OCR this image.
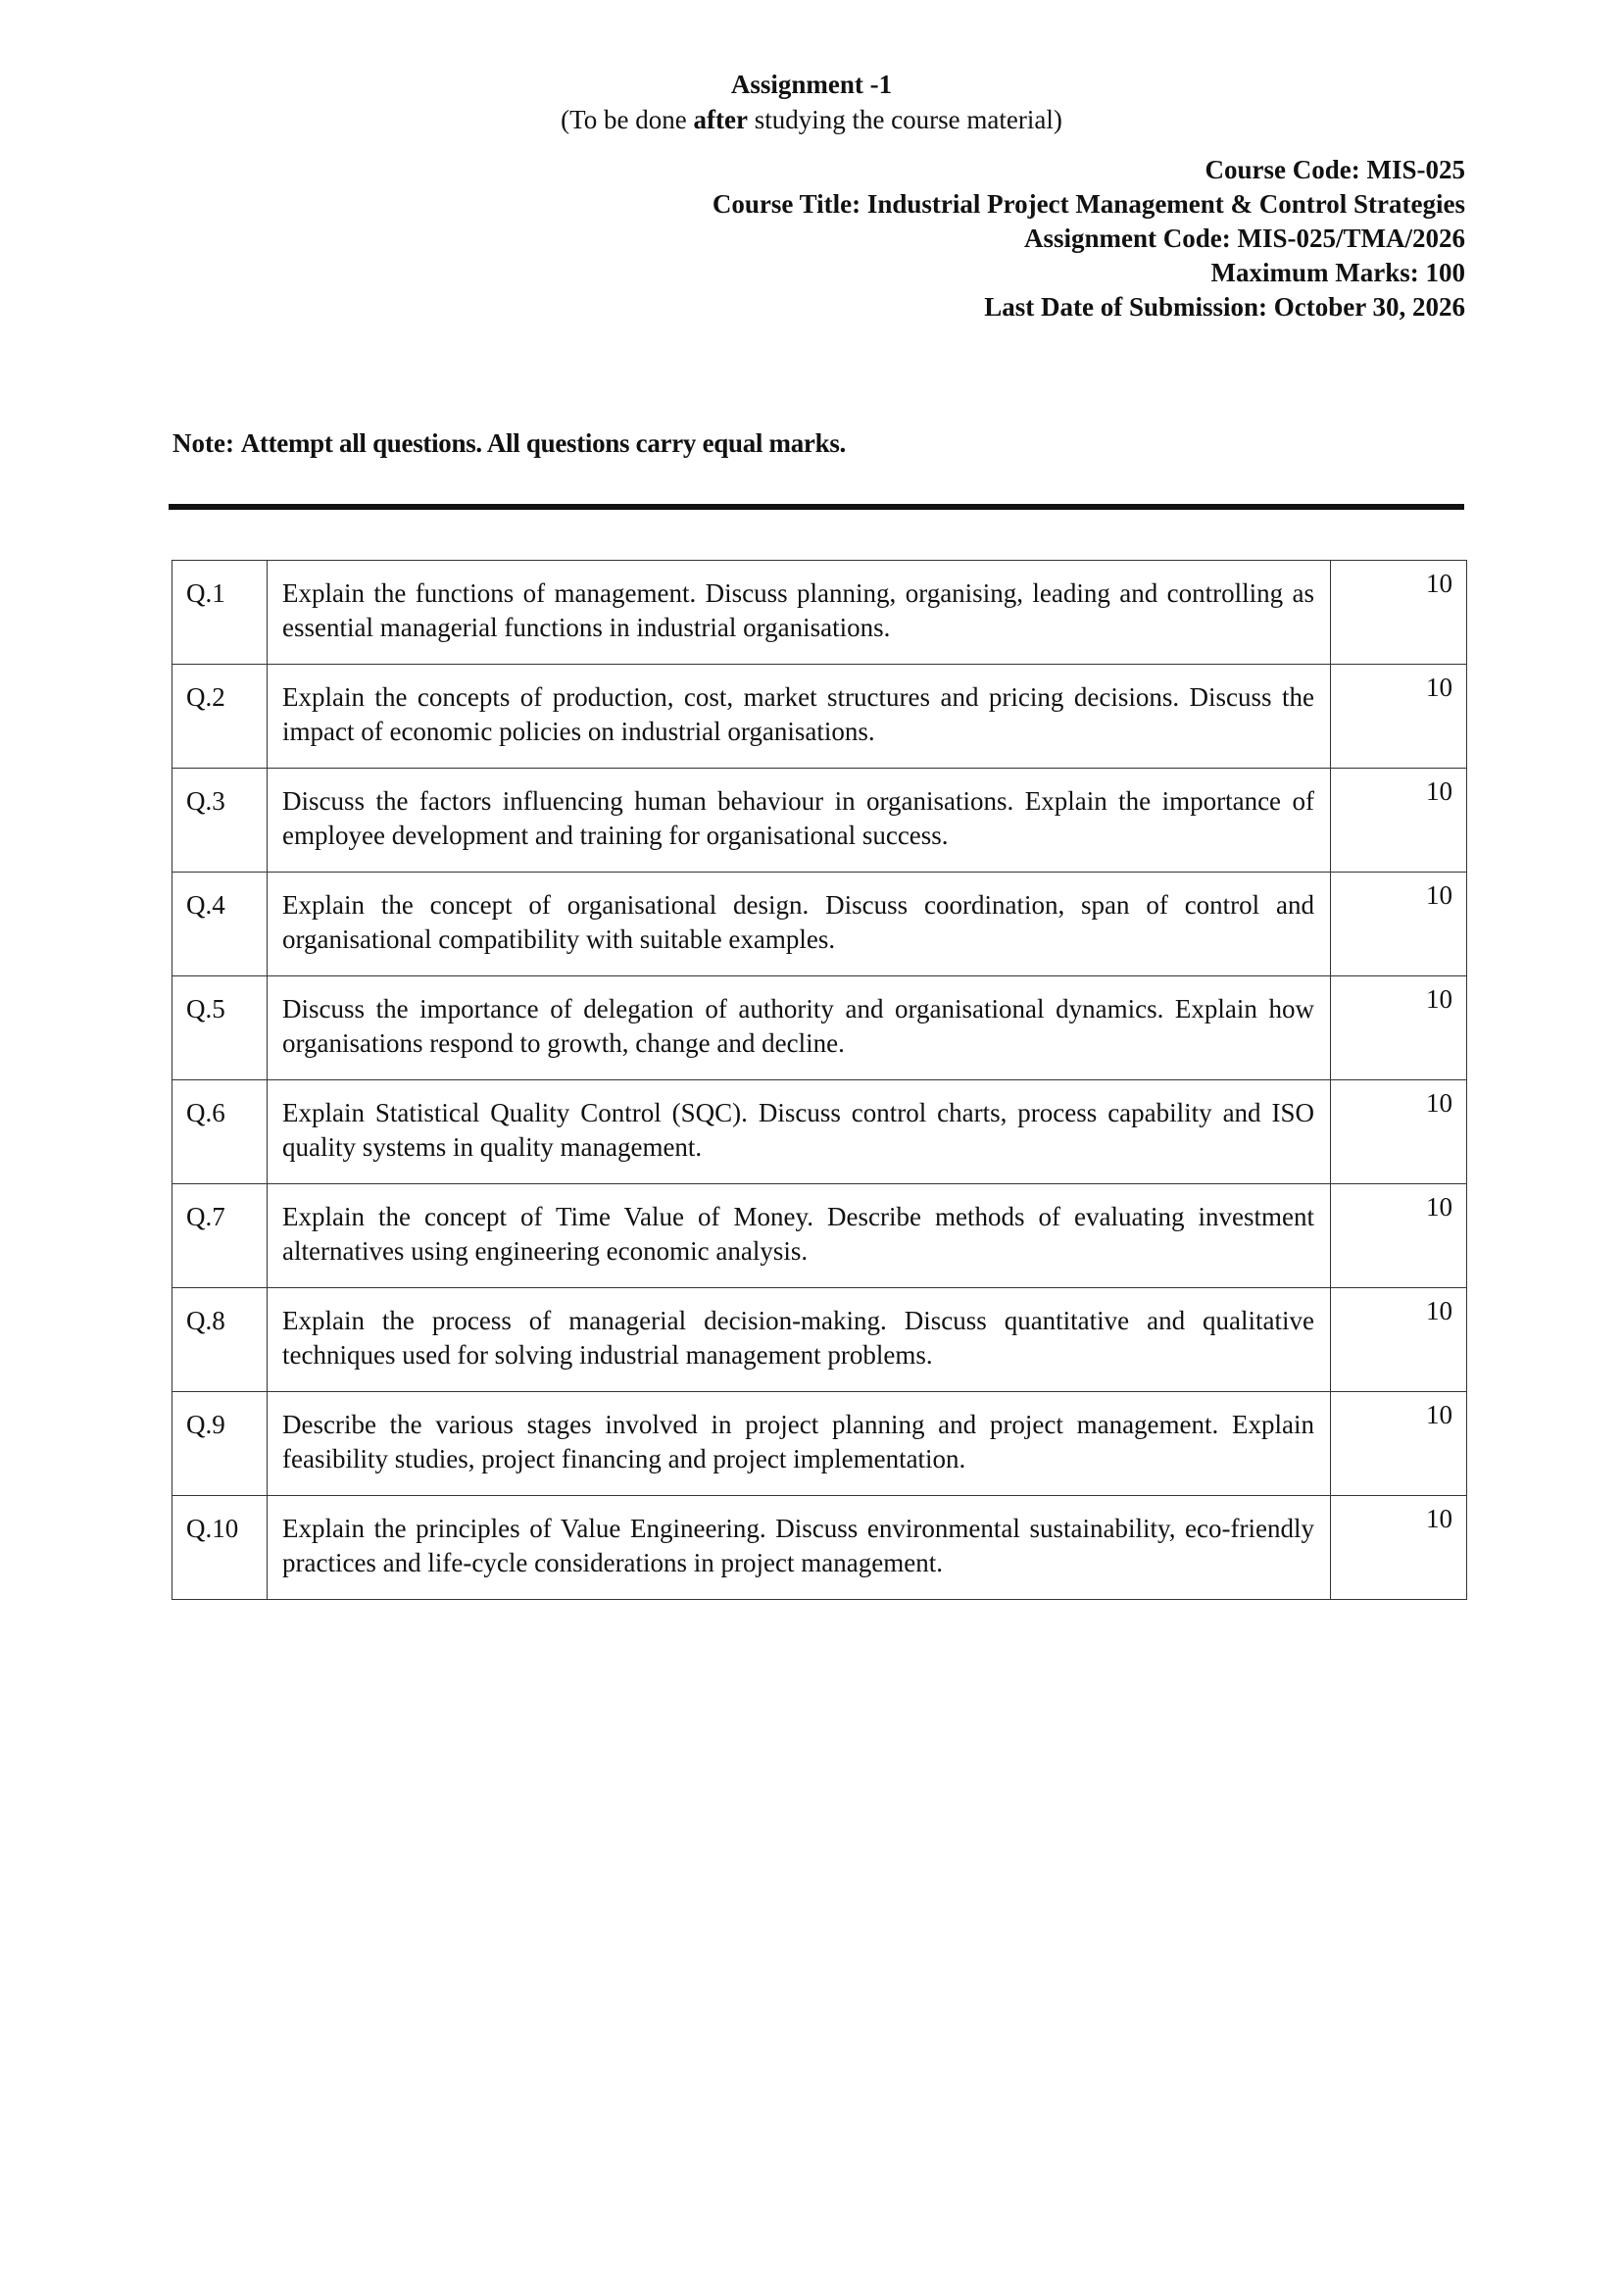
Assignment -1
(To be done after studying the course material)
Course Code: MIS-025
Course Title: Industrial Project Management & Control Strategies
Assignment Code: MIS-025/TMA/2026
Maximum Marks: 100
Last Date of Submission: October 30, 2026
Note: Attempt all questions. All questions carry equal marks.
Q.1	Explain the functions of management. Discuss planning, organising, leading and controlling as essential managerial functions in industrial organisations.	10
Q.2	Explain the concepts of production, cost, market structures and pricing decisions. Discuss the impact of economic policies on industrial organisations.	10
Q.3	Discuss the factors influencing human behaviour in organisations. Explain the importance of employee development and training for organisational success.	10
Q.4	Explain the concept of organisational design. Discuss coordination, span of control and organisational compatibility with suitable examples.	10
Q.5	Discuss the importance of delegation of authority and organisational dynamics. Explain how organisations respond to growth, change and decline.	10
Q.6	Explain Statistical Quality Control (SQC). Discuss control charts, process capability and ISO quality systems in quality management.	10
Q.7	Explain the concept of Time Value of Money. Describe methods of evaluating investment alternatives using engineering economic analysis.	10
Q.8	Explain the process of managerial decision-making. Discuss quantitative and qualitative techniques used for solving industrial management problems.	10
Q.9	Describe the various stages involved in project planning and project management. Explain feasibility studies, project financing and project implementation.	10
Q.10	Explain the principles of Value Engineering. Discuss environmental sustainability, eco-friendly practices and life-cycle considerations in project management.	10
